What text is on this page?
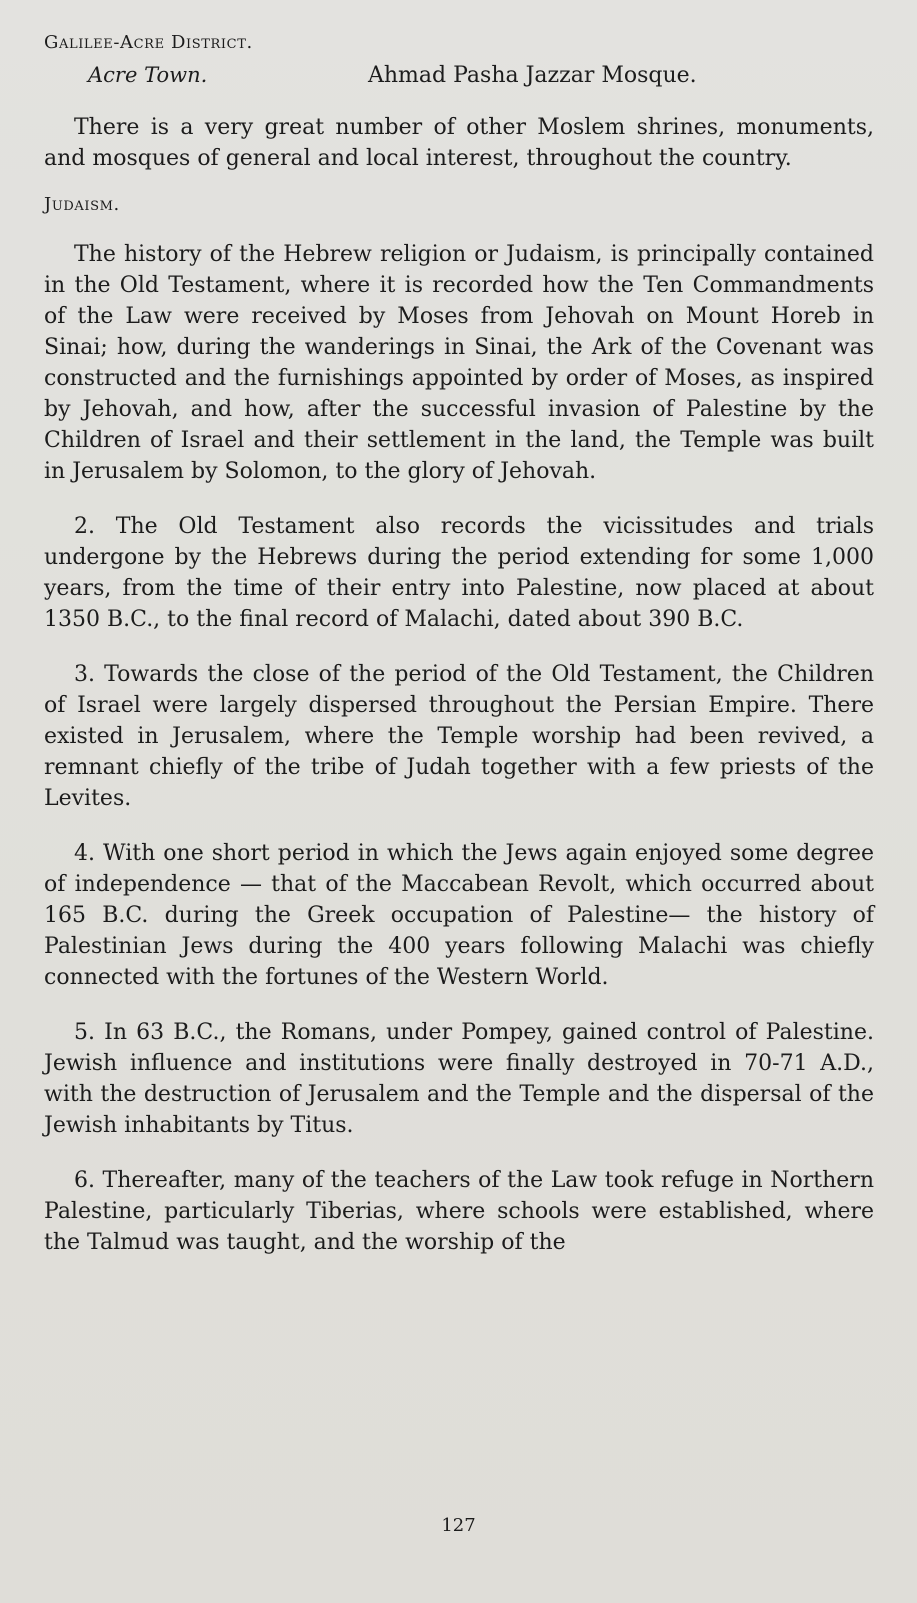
Galilee-Acre District.
Acre Town.	Ahmad Pasha Jazzar Mosque.

There is a very great number of other Moslem shrines, monuments, and mosques of general and local interest, throughout the country.

Judaism.

The history of the Hebrew religion or Judaism, is principally contained in the Old Testament, where it is recorded how the Ten Commandments of the Law were received by Moses from Jehovah on Mount Horeb in Sinai; how, during the wanderings in Sinai, the Ark of the Covenant was constructed and the furnishings appointed by order of Moses, as inspired by Jehovah, and how, after the successful invasion of Palestine by the Children of Israel and their settlement in the land, the Temple was built in Jerusalem by Solomon, to the glory of Jehovah.

2. The Old Testament also records the vicissitudes and trials undergone by the Hebrews during the period extending for some 1,000 years, from the time of their entry into Palestine, now placed at about 1350 B.C., to the final record of Malachi, dated about 390 B.C.

3. Towards the close of the period of the Old Testament, the Children of Israel were largely dispersed throughout the Persian Empire. There existed in Jerusalem, where the Temple worship had been revived, a remnant chiefly of the tribe of Judah together with a few priests of the Levites.

4. With one short period in which the Jews again enjoyed some degree of independence — that of the Maccabean Revolt, which occurred about 165 B.C. during the Greek occupation of Palestine— the history of Palestinian Jews during the 400 years following Malachi was chiefly connected with the fortunes of the Western World.

5. In 63 B.C., the Romans, under Pompey, gained control of Palestine. Jewish influence and institutions were finally destroyed in 70-71 A.D., with the destruction of Jerusalem and the Temple and the dispersal of the Jewish inhabitants by Titus.

6. Thereafter, many of the teachers of the Law took refuge in Northern Palestine, particularly Tiberias, where schools were established, where the Talmud was taught, and the worship of the

127
